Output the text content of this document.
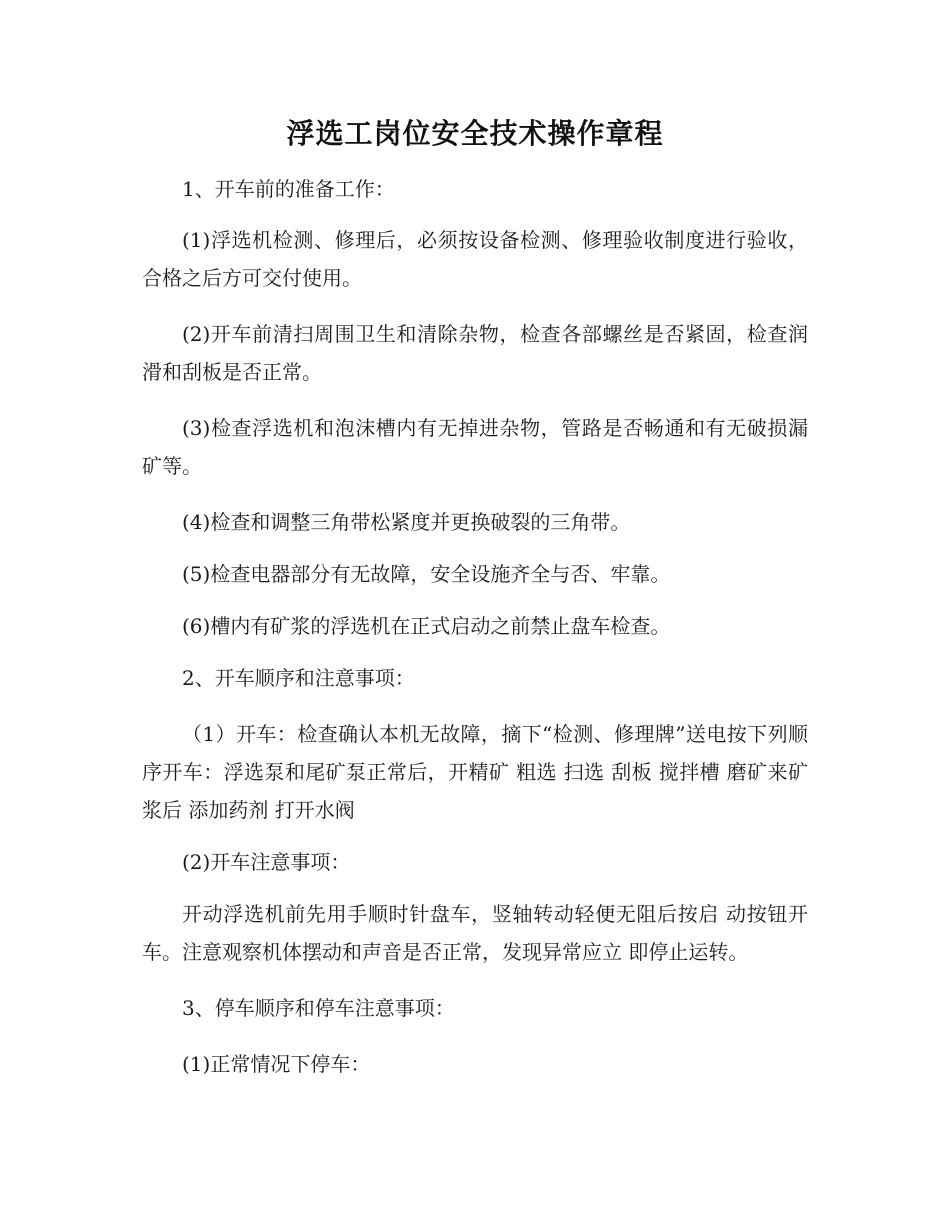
浮选工岗位安全技术操作章程

1、开车前的准备工作：

(1)浮选机检测、修理后，必须按设备检测、修理验收制度进行验收，合格之后方可交付使用。

(2)开车前清扫周围卫生和清除杂物，检查各部螺丝是否紧固，检查润滑和刮板是否正常。

(3)检查浮选机和泡沫槽内有无掉进杂物，管路是否畅通和有无破损漏矿等。

(4)检查和调整三角带松紧度并更换破裂的三角带。

(5)检查电器部分有无故障，安全设施齐全与否、牢靠。

(6)槽内有矿浆的浮选机在正式启动之前禁止盘车检查。

2、开车顺序和注意事项：

（1）开车：检查确认本机无故障，摘下“检测、修理牌”送电按下列顺序开车：浮选泵和尾矿泵正常后，开精矿 粗选 扫选 刮板 搅拌槽 磨矿来矿浆后 添加药剂 打开水阀

(2)开车注意事项：

开动浮选机前先用手顺时针盘车，竖轴转动轻便无阻后按启 动按钮开车。注意观察机体摆动和声音是否正常，发现异常应立 即停止运转。

3、停车顺序和停车注意事项：

(1)正常情况下停车：
